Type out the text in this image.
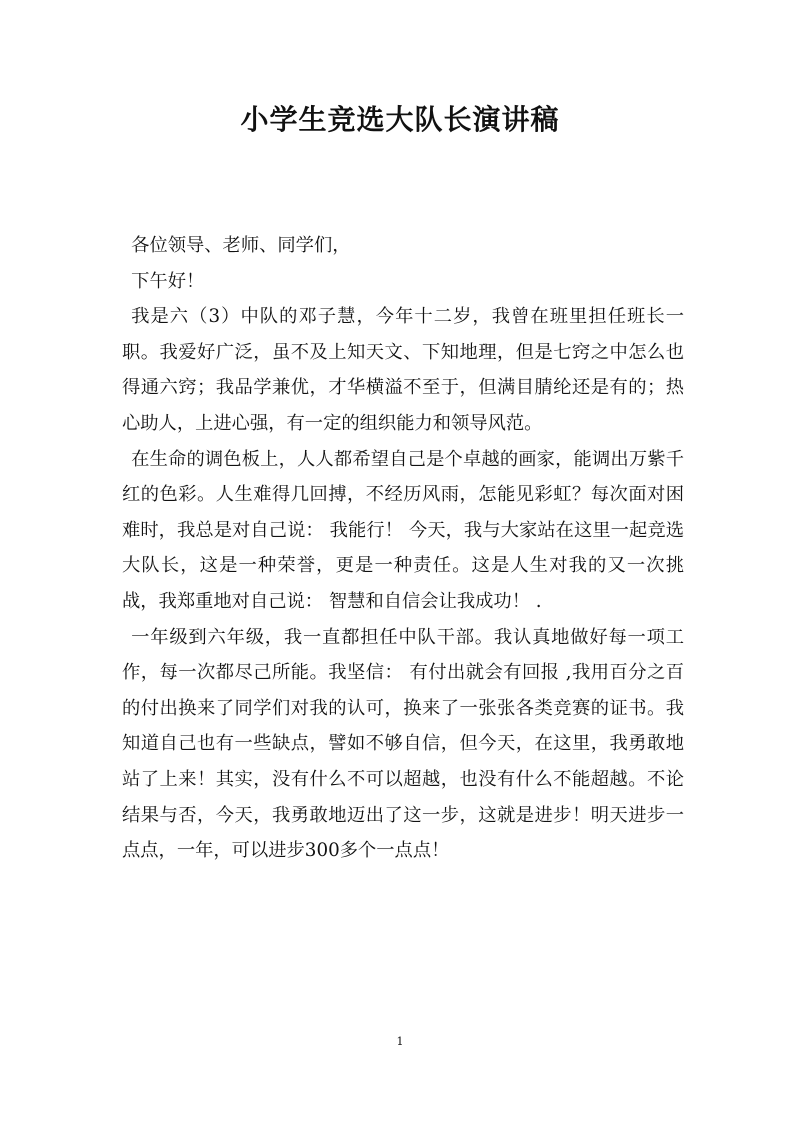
小学生竞选大队长演讲稿

各位领导、老师、同学们，

下午好！

我是六（3）中队的邓子慧，今年十二岁，我曾在班里担任班长一职。我爱好广泛，虽不及上知天文、下知地理，但是七窍之中怎么也得通六窍；我品学兼优，才华横溢不至于，但满目腈纶还是有的；热心助人，上进心强，有一定的组织能力和领导风范。

在生命的调色板上，人人都希望自己是个卓越的画家，能调出万紫千红的色彩。人生难得几回搏，不经历风雨，怎能见彩虹？每次面对困难时，我总是对自己说： 我能行！ 今天，我与大家站在这里一起竞选大队长，这是一种荣誉，更是一种责任。这是人生对我的又一次挑战，我郑重地对自己说： 智慧和自信会让我成功！ .

一年级到六年级，我一直都担任中队干部。我认真地做好每一项工作，每一次都尽己所能。我坚信： 有付出就会有回报 ,我用百分之百的付出换来了同学们对我的认可，换来了一张张各类竞赛的证书。我知道自己也有一些缺点，譬如不够自信，但今天，在这里，我勇敢地站了上来！其实，没有什么不可以超越，也没有什么不能超越。不论结果与否，今天，我勇敢地迈出了这一步，这就是进步！明天进步一点点，一年，可以进步300多个一点点！

1
